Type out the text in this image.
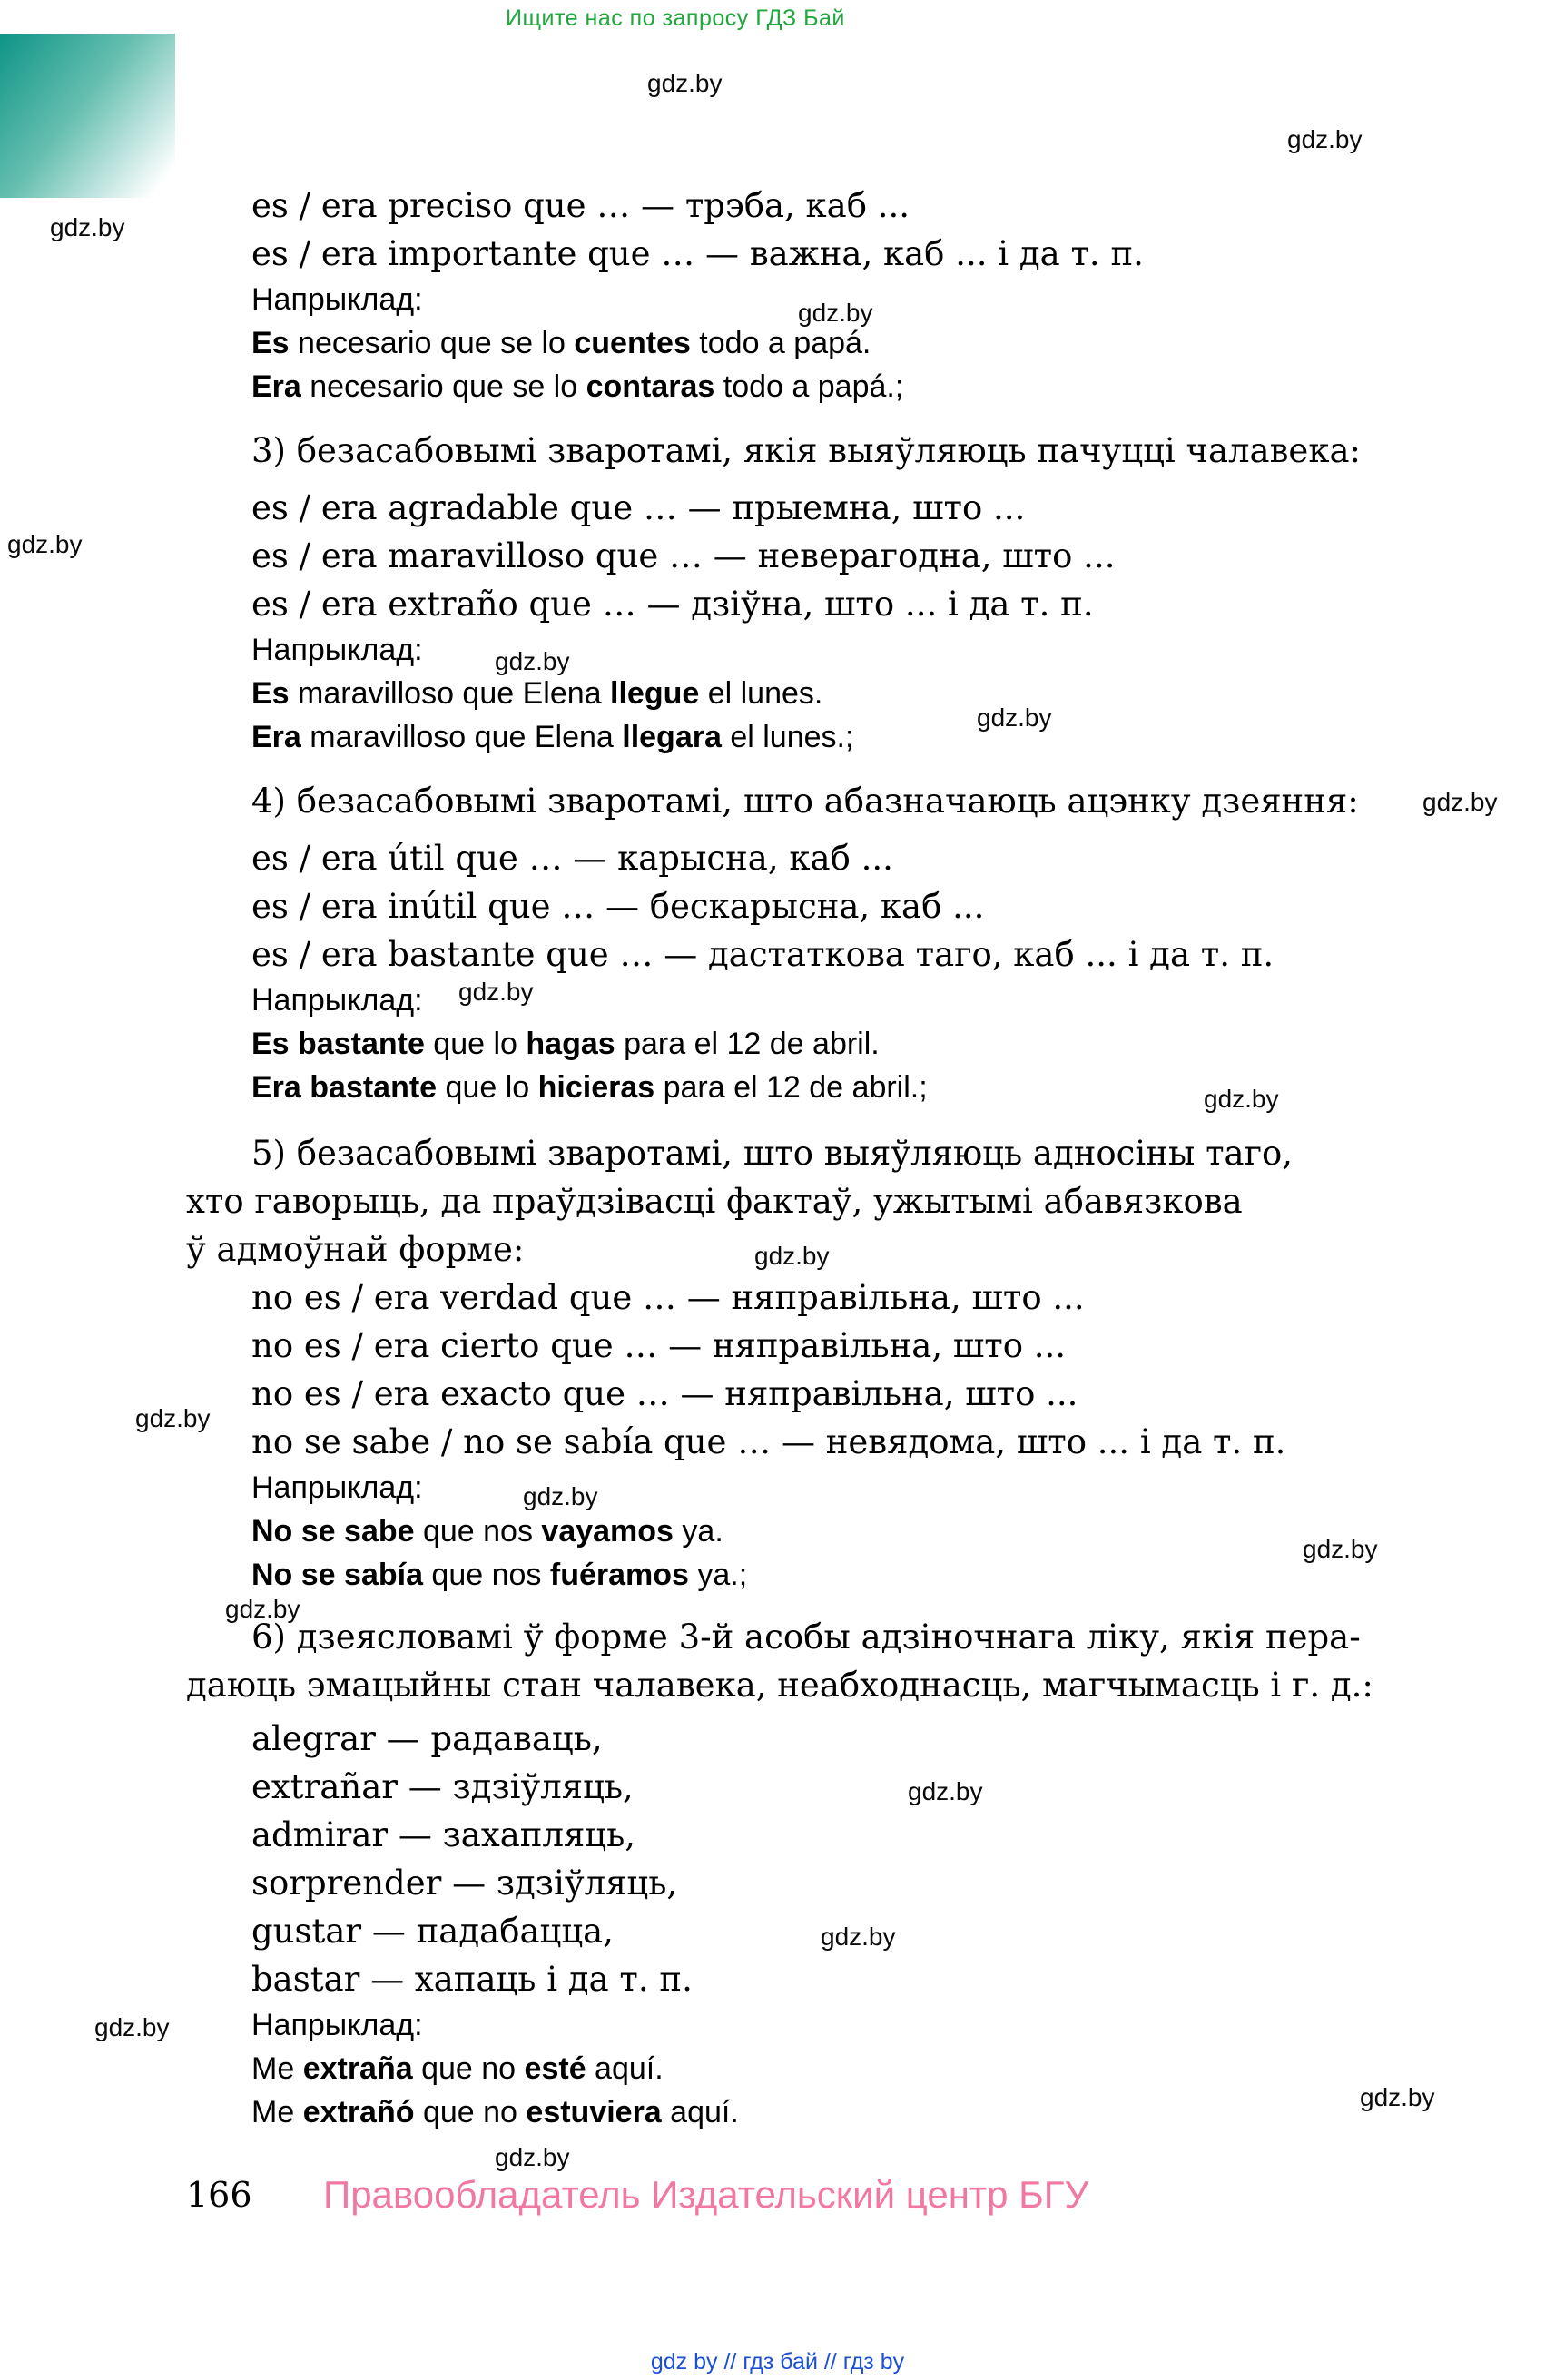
Ищите нас по запросу ГДЗ Бай
gdz.by
gdz.by
gdz.by
gdz.by
gdz.by
gdz.by
gdz.by
gdz.by
gdz.by
gdz.by
gdz.by
gdz.by
gdz.by
gdz.by
gdz.by
gdz.by
gdz.by
gdz.by
gdz.by
gdz.by

es / era preciso que … — трэба, каб ...

es / era importante que … — важна, каб ... і да т. п.

Напрыклад:

Es necesario que se lo cuentes todo a papá.

Era necesario que se lo contaras todo a papá.;

3) безасабовымі зваротамі, якія выяўляюць пачуцці чалавека:

es / era agradable que … — прыемна, што ...

es / era maravilloso que … — неверагодна, што ...

es / era extraño que … — дзіўна, што ... і да т. п.

Напрыклад:

Es maravilloso que Elena llegue el lunes.

Era maravilloso que Elena llegara el lunes.;

4) безасабовымі зваротамі, што абазначаюць ацэнку дзеяння:

es / era útil que … — карысна, каб ...

es / era inútil que … — бескарысна, каб ...

es / era bastante que … — дастаткова таго, каб ... і да т. п.

Напрыклад:

Es bastante que lo hagas para el 12 de abril.

Era bastante que lo hicieras para el 12 de abril.;

5) безасабовымі зваротамі, што выяўляюць адносіны таго,

хто гаворыць, да праўдзівасці фактаў, ужытымі абавязкова

ў адмоўнай форме:

no es / era verdad que … — няправільна, што ...

no es / era cierto que … — няправільна, што ...

no es / era exacto que … — няправільна, што ...

no se sabe / no se sabía que … — невядома, што ... і да т. п.

Напрыклад:

No se sabe que nos vayamos ya.

No se sabía que nos fuéramos ya.;

6) дзеясловамі ў форме 3-й асобы адзіночнага ліку, якія пера-

даюць эмацыйны стан чалавека, неабходнасць, магчымасць і г. д.:

alegrar — радаваць,

extrañar — здзіўляць,

admirar — захапляць,

sorprender — здзіўляць,

gustar — падабацца,

bastar — хапаць і да т. п.

Напрыклад:

Me extraña que no esté aquí.

Me extrañó que no estuviera aquí.

166 Правообладатель Издательский центр БГУ
gdz by // гдз бай // гдз by
